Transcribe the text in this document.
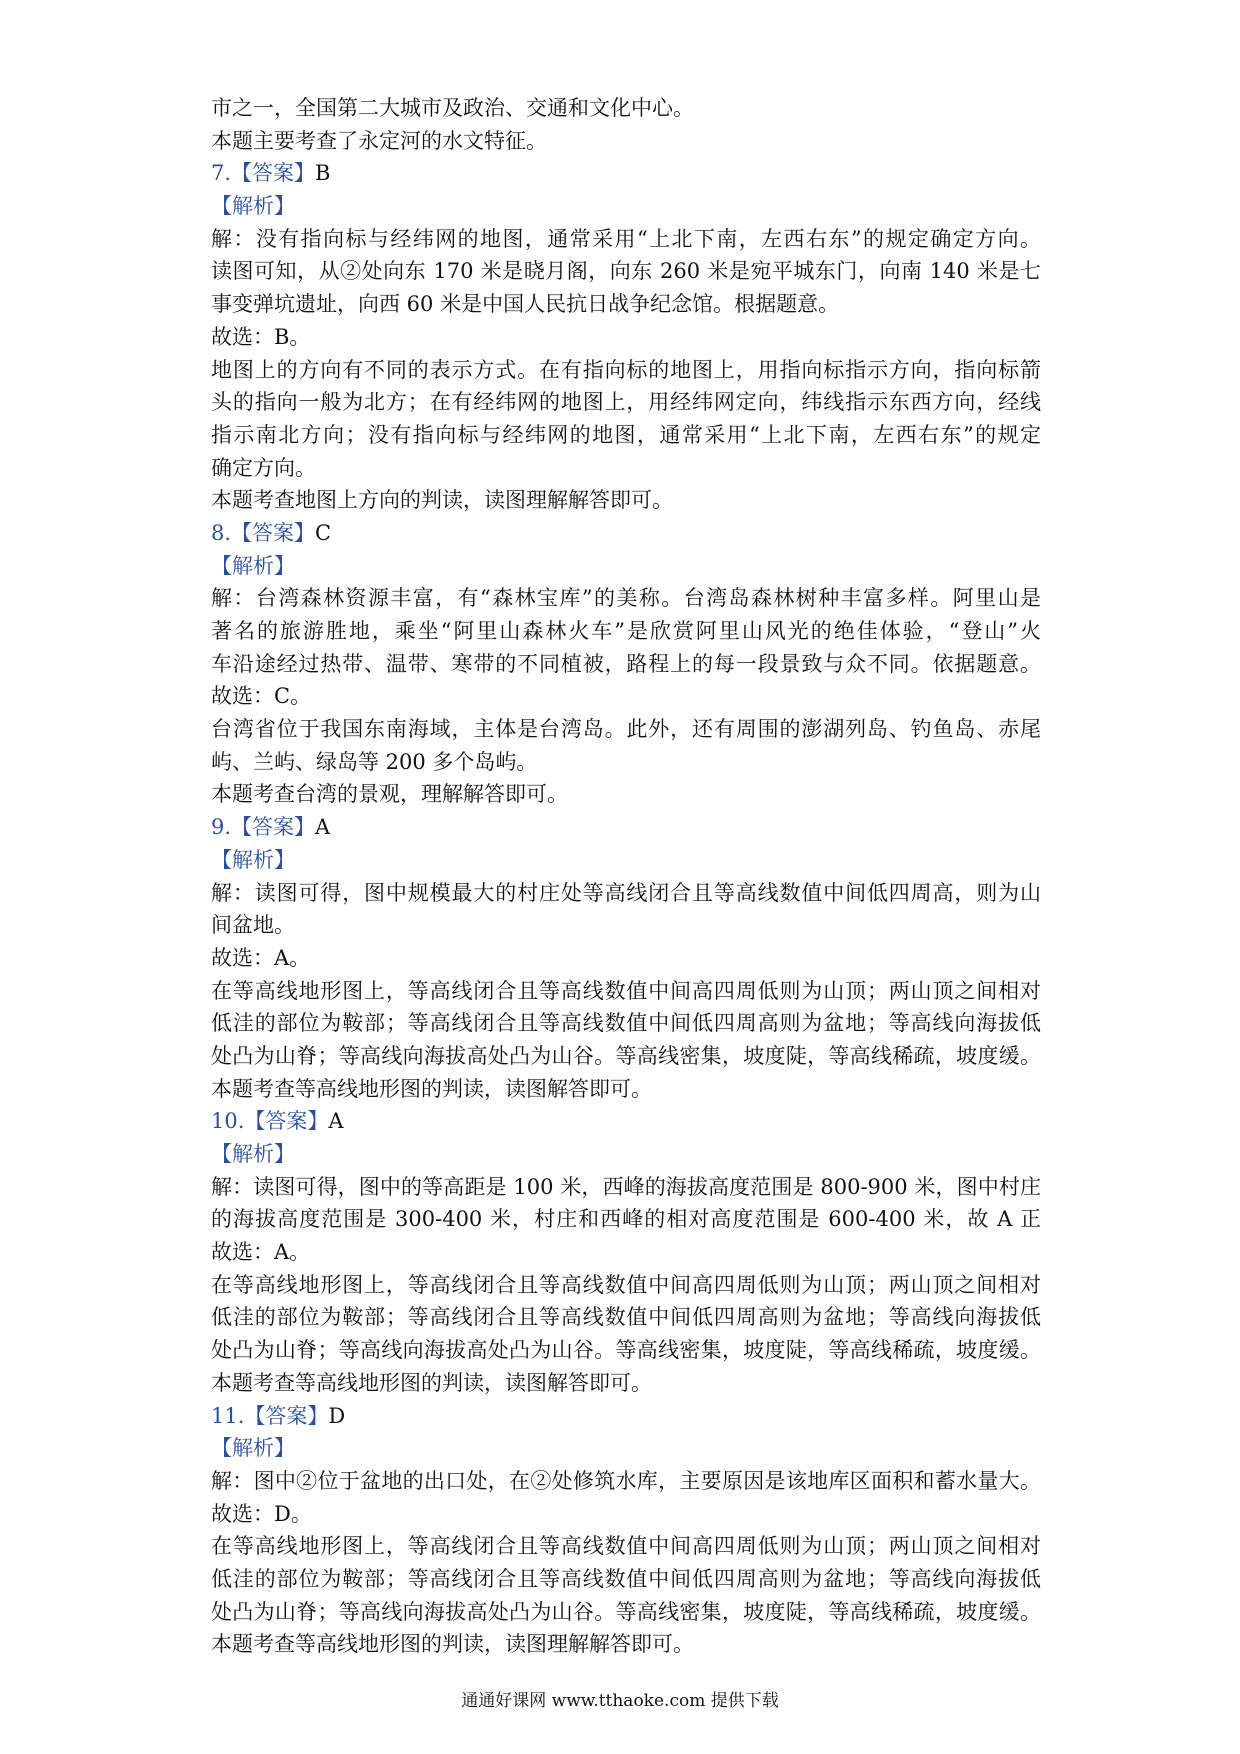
市之一，全国第二大城市及政治、交通和文化中心。
本题主要考查了永定河的水文特征。
7.【答案】B
【解析】
解：没有指向标与经纬网的地图，通常采用“上北下南，左西右东”的规定确定方向。
读图可知，从②处向东 170 米是晓月阁，向东 260 米是宛平城东门，向南 140 米是七
事变弹坑遗址，向西 60 米是中国人民抗日战争纪念馆。根据题意。
故选：B。
地图上的方向有不同的表示方式。在有指向标的地图上，用指向标指示方向，指向标箭
头的指向一般为北方；在有经纬网的地图上，用经纬网定向，纬线指示东西方向，经线
指示南北方向；没有指向标与经纬网的地图，通常采用“上北下南，左西右东”的规定
确定方向。
本题考查地图上方向的判读，读图理解解答即可。
8.【答案】C
【解析】
解：台湾森林资源丰富，有“森林宝库”的美称。台湾岛森林树种丰富多样。阿里山是
著名的旅游胜地，乘坐“阿里山森林火车”是欣赏阿里山风光的绝佳体验，“登山”火
车沿途经过热带、温带、寒带的不同植被，路程上的每一段景致与众不同。依据题意。
故选：C。
台湾省位于我国东南海域，主体是台湾岛。此外，还有周围的澎湖列岛、钓鱼岛、赤尾
屿、兰屿、绿岛等 200 多个岛屿。
本题考查台湾的景观，理解解答即可。
9.【答案】A
【解析】
解：读图可得，图中规模最大的村庄处等高线闭合且等高线数值中间低四周高，则为山
间盆地。
故选：A。
在等高线地形图上，等高线闭合且等高线数值中间高四周低则为山顶；两山顶之间相对
低洼的部位为鞍部；等高线闭合且等高线数值中间低四周高则为盆地；等高线向海拔低
处凸为山脊；等高线向海拔高处凸为山谷。等高线密集，坡度陡，等高线稀疏，坡度缓。
本题考查等高线地形图的判读，读图解答即可。
10.【答案】A
【解析】
解：读图可得，图中的等高距是 100 米，西峰的海拔高度范围是 800-900 米，图中村庄
的海拔高度范围是 300-400 米，村庄和西峰的相对高度范围是 600-400 米，故 A 正
故选：A。
在等高线地形图上，等高线闭合且等高线数值中间高四周低则为山顶；两山顶之间相对
低洼的部位为鞍部；等高线闭合且等高线数值中间低四周高则为盆地；等高线向海拔低
处凸为山脊；等高线向海拔高处凸为山谷。等高线密集，坡度陡，等高线稀疏，坡度缓。
本题考查等高线地形图的判读，读图解答即可。
11.【答案】D
【解析】
解：图中②位于盆地的出口处，在②处修筑水库，主要原因是该地库区面积和蓄水量大。
故选：D。
在等高线地形图上，等高线闭合且等高线数值中间高四周低则为山顶；两山顶之间相对
低洼的部位为鞍部；等高线闭合且等高线数值中间低四周高则为盆地；等高线向海拔低
处凸为山脊；等高线向海拔高处凸为山谷。等高线密集，坡度陡，等高线稀疏，坡度缓。
本题考查等高线地形图的判读，读图理解解答即可。
通通好课网 www.tthaoke.com 提供下载
